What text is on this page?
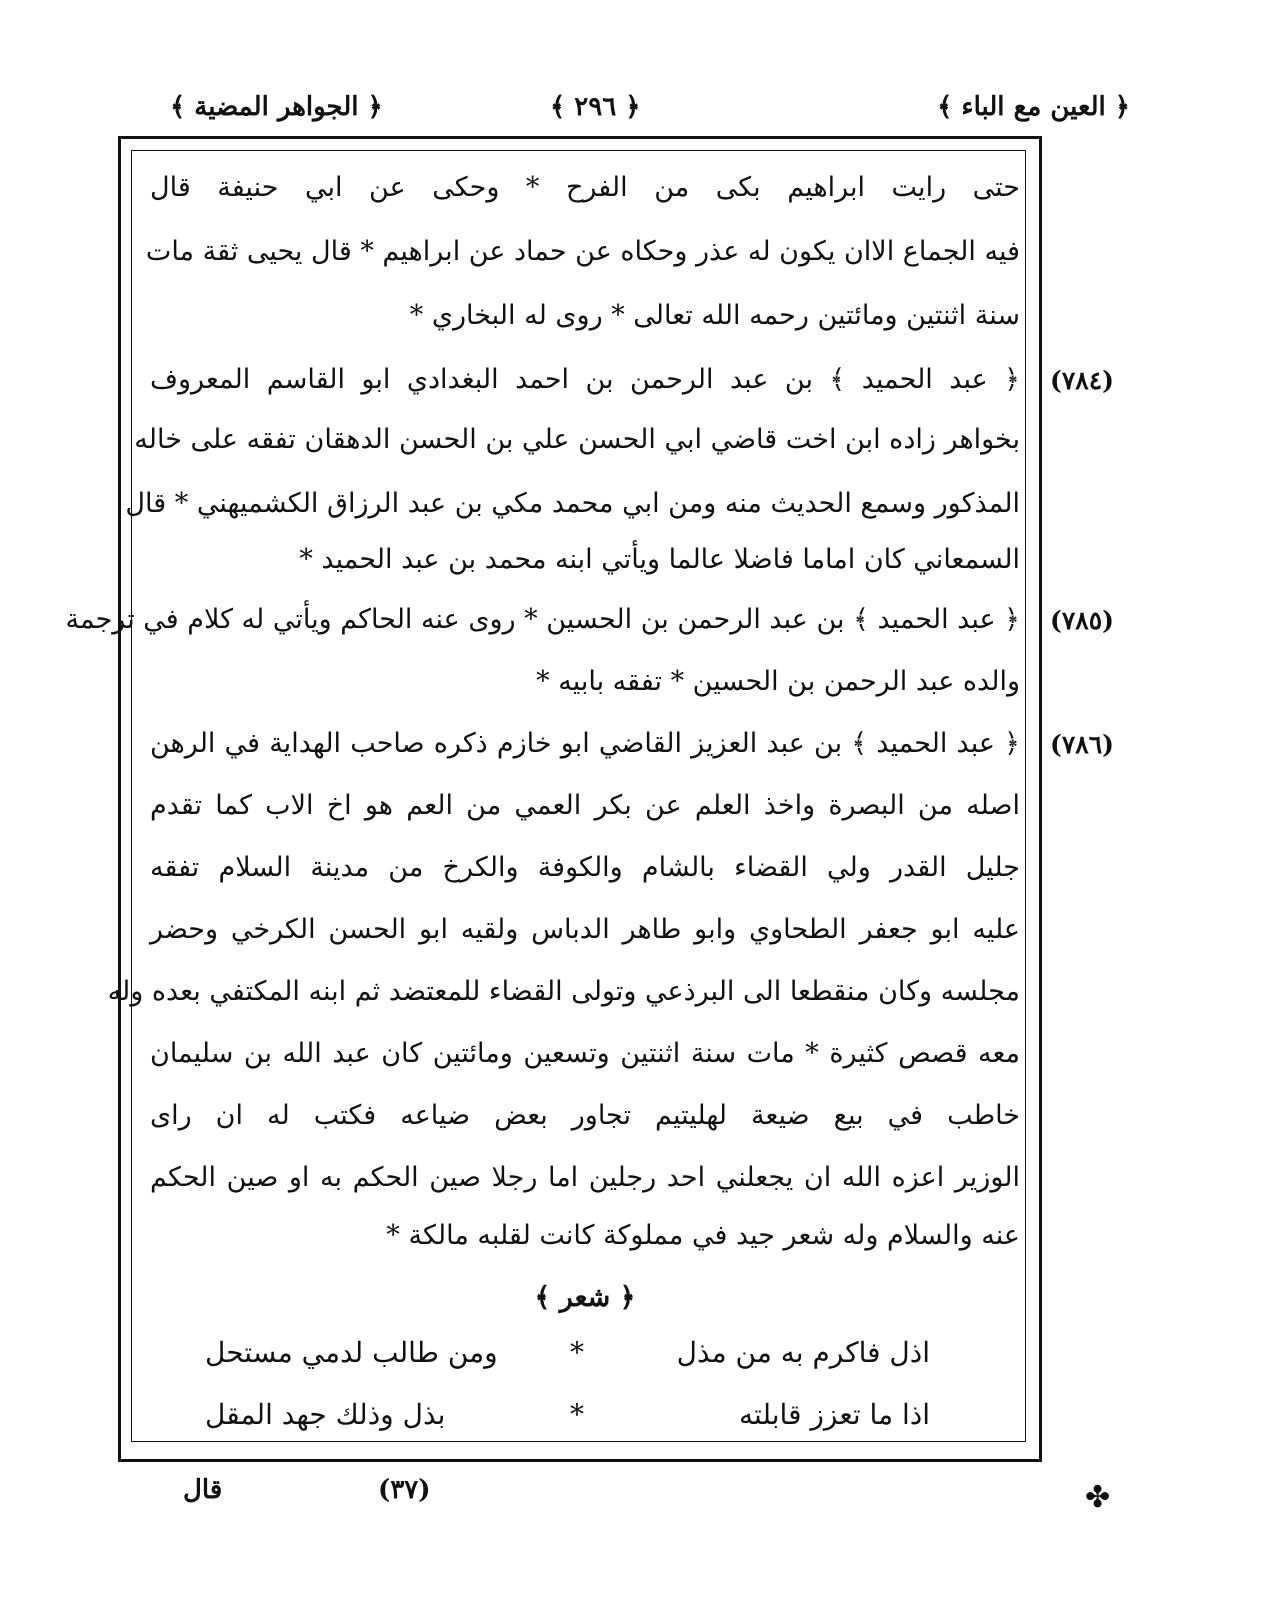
﴿ العين مع الباء ﴾
﴿ ٢٩٦ ﴾
﴿ الجواهر المضية ﴾
حتى رايت ابراهيم بكى من الفرح * وحكى عن ابي حنيفة قال
فيه الجماع الاان يكون له عذر وحكاه عن حماد عن ابراهيم * قال يحيى ثقة مات
سنة اثنتين ومائتين رحمه الله تعالى * روى له البخاري *
﴿ عبد الحميد ﴾ بن عبد الرحمن بن احمد البغدادي ابو القاسم المعروف
بخواهر زاده ابن اخت قاضي ابي الحسن علي بن الحسن الدهقان تفقه على خاله
المذكور وسمع الحديث منه ومن ابي محمد مكي بن عبد الرزاق الكشميهني * قال
السمعاني كان اماما فاضلا عالما ويأتي ابنه محمد بن عبد الحميد *
﴿ عبد الحميد ﴾ بن عبد الرحمن بن الحسين * روى عنه الحاكم ويأتي له كلام في ترجمة
والده عبد الرحمن بن الحسين * تفقه بابيه *
﴿ عبد الحميد ﴾ بن عبد العزيز القاضي ابو خازم ذكره صاحب الهداية في الرهن
اصله من البصرة واخذ العلم عن بكر العمي من العم هو اخ الاب كما تقدم
جليل القدر ولي القضاء بالشام والكوفة والكرخ من مدينة السلام تفقه
عليه ابو جعفر الطحاوي وابو طاهر الدباس ولقيه ابو الحسن الكرخي وحضر
مجلسه وكان منقطعا الى البرذعي وتولى القضاء للمعتضد ثم ابنه المكتفي بعده وله
معه قصص كثيرة * مات سنة اثنتين وتسعين ومائتين كان عبد الله بن سليمان
خاطب في بيع ضيعة لهليتيم تجاور بعض ضياعه فكتب له ان راى
الوزير اعزه الله ان يجعلني احد رجلين اما رجلا صين الحكم به او صين الحكم
عنه والسلام وله شعر جيد في مملوكة كانت لقلبه مالكة *
(٧٨٤)
(٧٨٥)
(٧٨٦)
﴿ شعر ﴾
اذل فاكرم به من مذل
*
ومن طالب لدمي مستحل
اذا ما تعزز قابلته
*
بذل وذلك جهد المقل
قال	(٣٧)	✤
